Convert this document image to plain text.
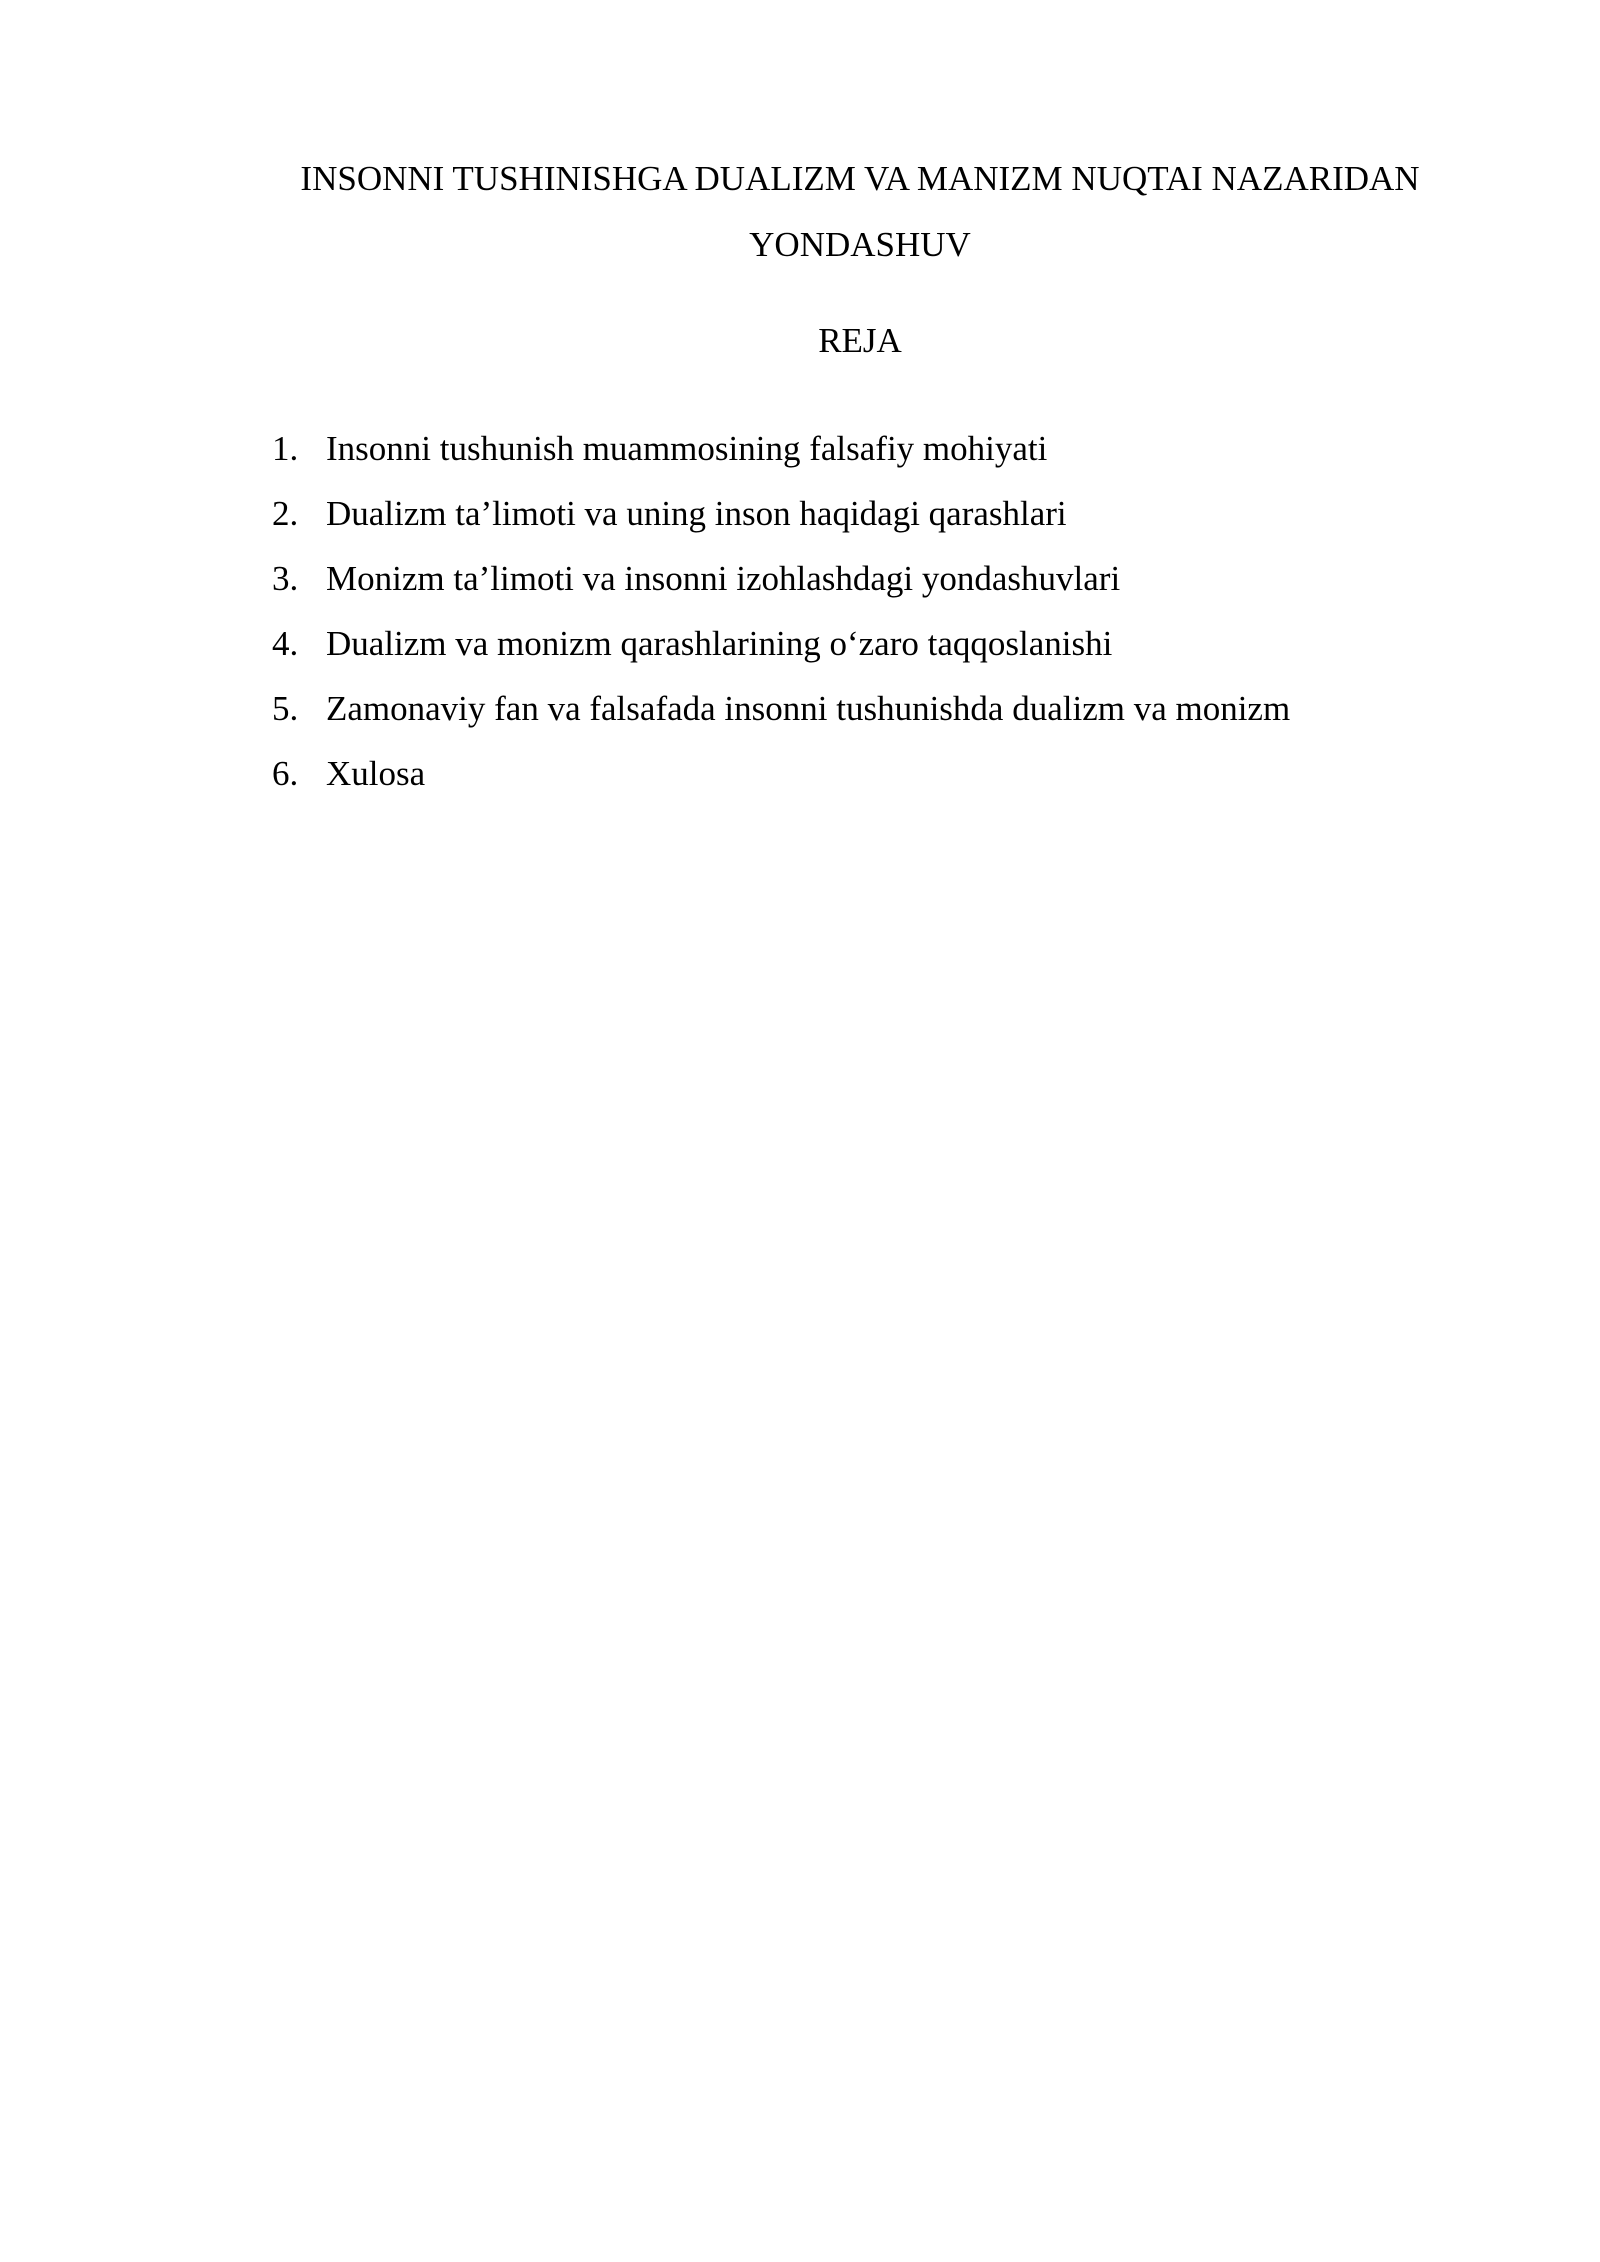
INSONNI TUSHINISHGA DUALIZM VA MANIZM NUQTAI NAZARIDAN
YONDASHUV
REJA
1. Insonni tushunish muammosining falsafiy mohiyati
2. Dualizm ta’limoti va uning inson haqidagi qarashlari
3. Monizm ta’limoti va insonni izohlashdagi yondashuvlari
4. Dualizm va monizm qarashlarining o‘zaro taqqoslanishi
5. Zamonaviy fan va falsafada insonni tushunishda dualizm va monizm
6. Xulosa
